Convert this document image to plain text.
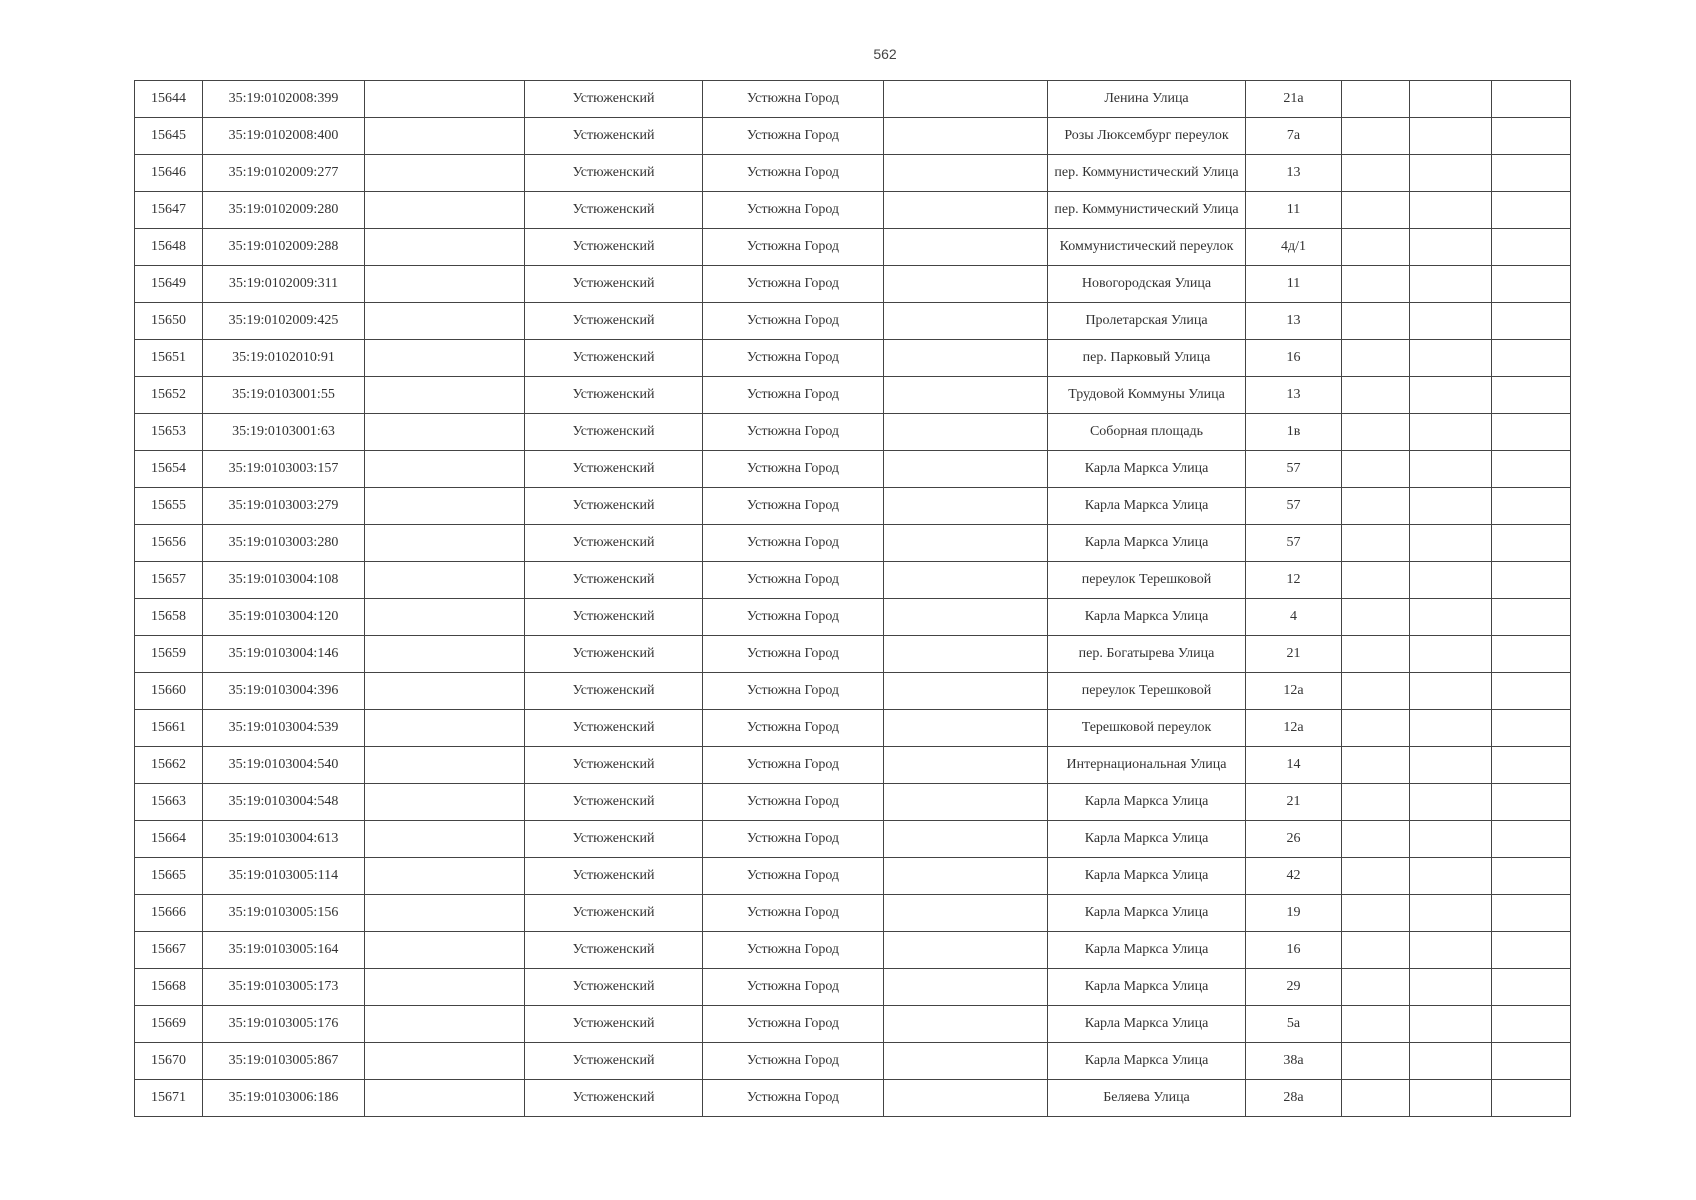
562
15644	35:19:0102008:399		Устюженский	Устюжна Город		Ленина Улица	21а			
15645	35:19:0102008:400		Устюженский	Устюжна Город		Розы Люксембург переулок	7а			
15646	35:19:0102009:277		Устюженский	Устюжна Город		пер. Коммунистический Улица	13			
15647	35:19:0102009:280		Устюженский	Устюжна Город		пер. Коммунистический Улица	11			
15648	35:19:0102009:288		Устюженский	Устюжна Город		Коммунистический переулок	4д/1			
15649	35:19:0102009:311		Устюженский	Устюжна Город		Новогородская Улица	11			
15650	35:19:0102009:425		Устюженский	Устюжна Город		Пролетарская Улица	13			
15651	35:19:0102010:91		Устюженский	Устюжна Город		пер. Парковый Улица	16			
15652	35:19:0103001:55		Устюженский	Устюжна Город		Трудовой Коммуны Улица	13			
15653	35:19:0103001:63		Устюженский	Устюжна Город		Соборная площадь	1в			
15654	35:19:0103003:157		Устюженский	Устюжна Город		Карла Маркса Улица	57			
15655	35:19:0103003:279		Устюженский	Устюжна Город		Карла Маркса Улица	57			
15656	35:19:0103003:280		Устюженский	Устюжна Город		Карла Маркса Улица	57			
15657	35:19:0103004:108		Устюженский	Устюжна Город		переулок Терешковой	12			
15658	35:19:0103004:120		Устюженский	Устюжна Город		Карла Маркса Улица	4			
15659	35:19:0103004:146		Устюженский	Устюжна Город		пер. Богатырева Улица	21			
15660	35:19:0103004:396		Устюженский	Устюжна Город		переулок Терешковой	12а			
15661	35:19:0103004:539		Устюженский	Устюжна Город		Терешковой переулок	12а			
15662	35:19:0103004:540		Устюженский	Устюжна Город		Интернациональная Улица	14			
15663	35:19:0103004:548		Устюженский	Устюжна Город		Карла Маркса Улица	21			
15664	35:19:0103004:613		Устюженский	Устюжна Город		Карла Маркса Улица	26			
15665	35:19:0103005:114		Устюженский	Устюжна Город		Карла Маркса Улица	42			
15666	35:19:0103005:156		Устюженский	Устюжна Город		Карла Маркса Улица	19			
15667	35:19:0103005:164		Устюженский	Устюжна Город		Карла Маркса Улица	16			
15668	35:19:0103005:173		Устюженский	Устюжна Город		Карла Маркса Улица	29			
15669	35:19:0103005:176		Устюженский	Устюжна Город		Карла Маркса Улица	5а			
15670	35:19:0103005:867		Устюженский	Устюжна Город		Карла Маркса Улица	38а			
15671	35:19:0103006:186		Устюженский	Устюжна Город		Беляева Улица	28а			
